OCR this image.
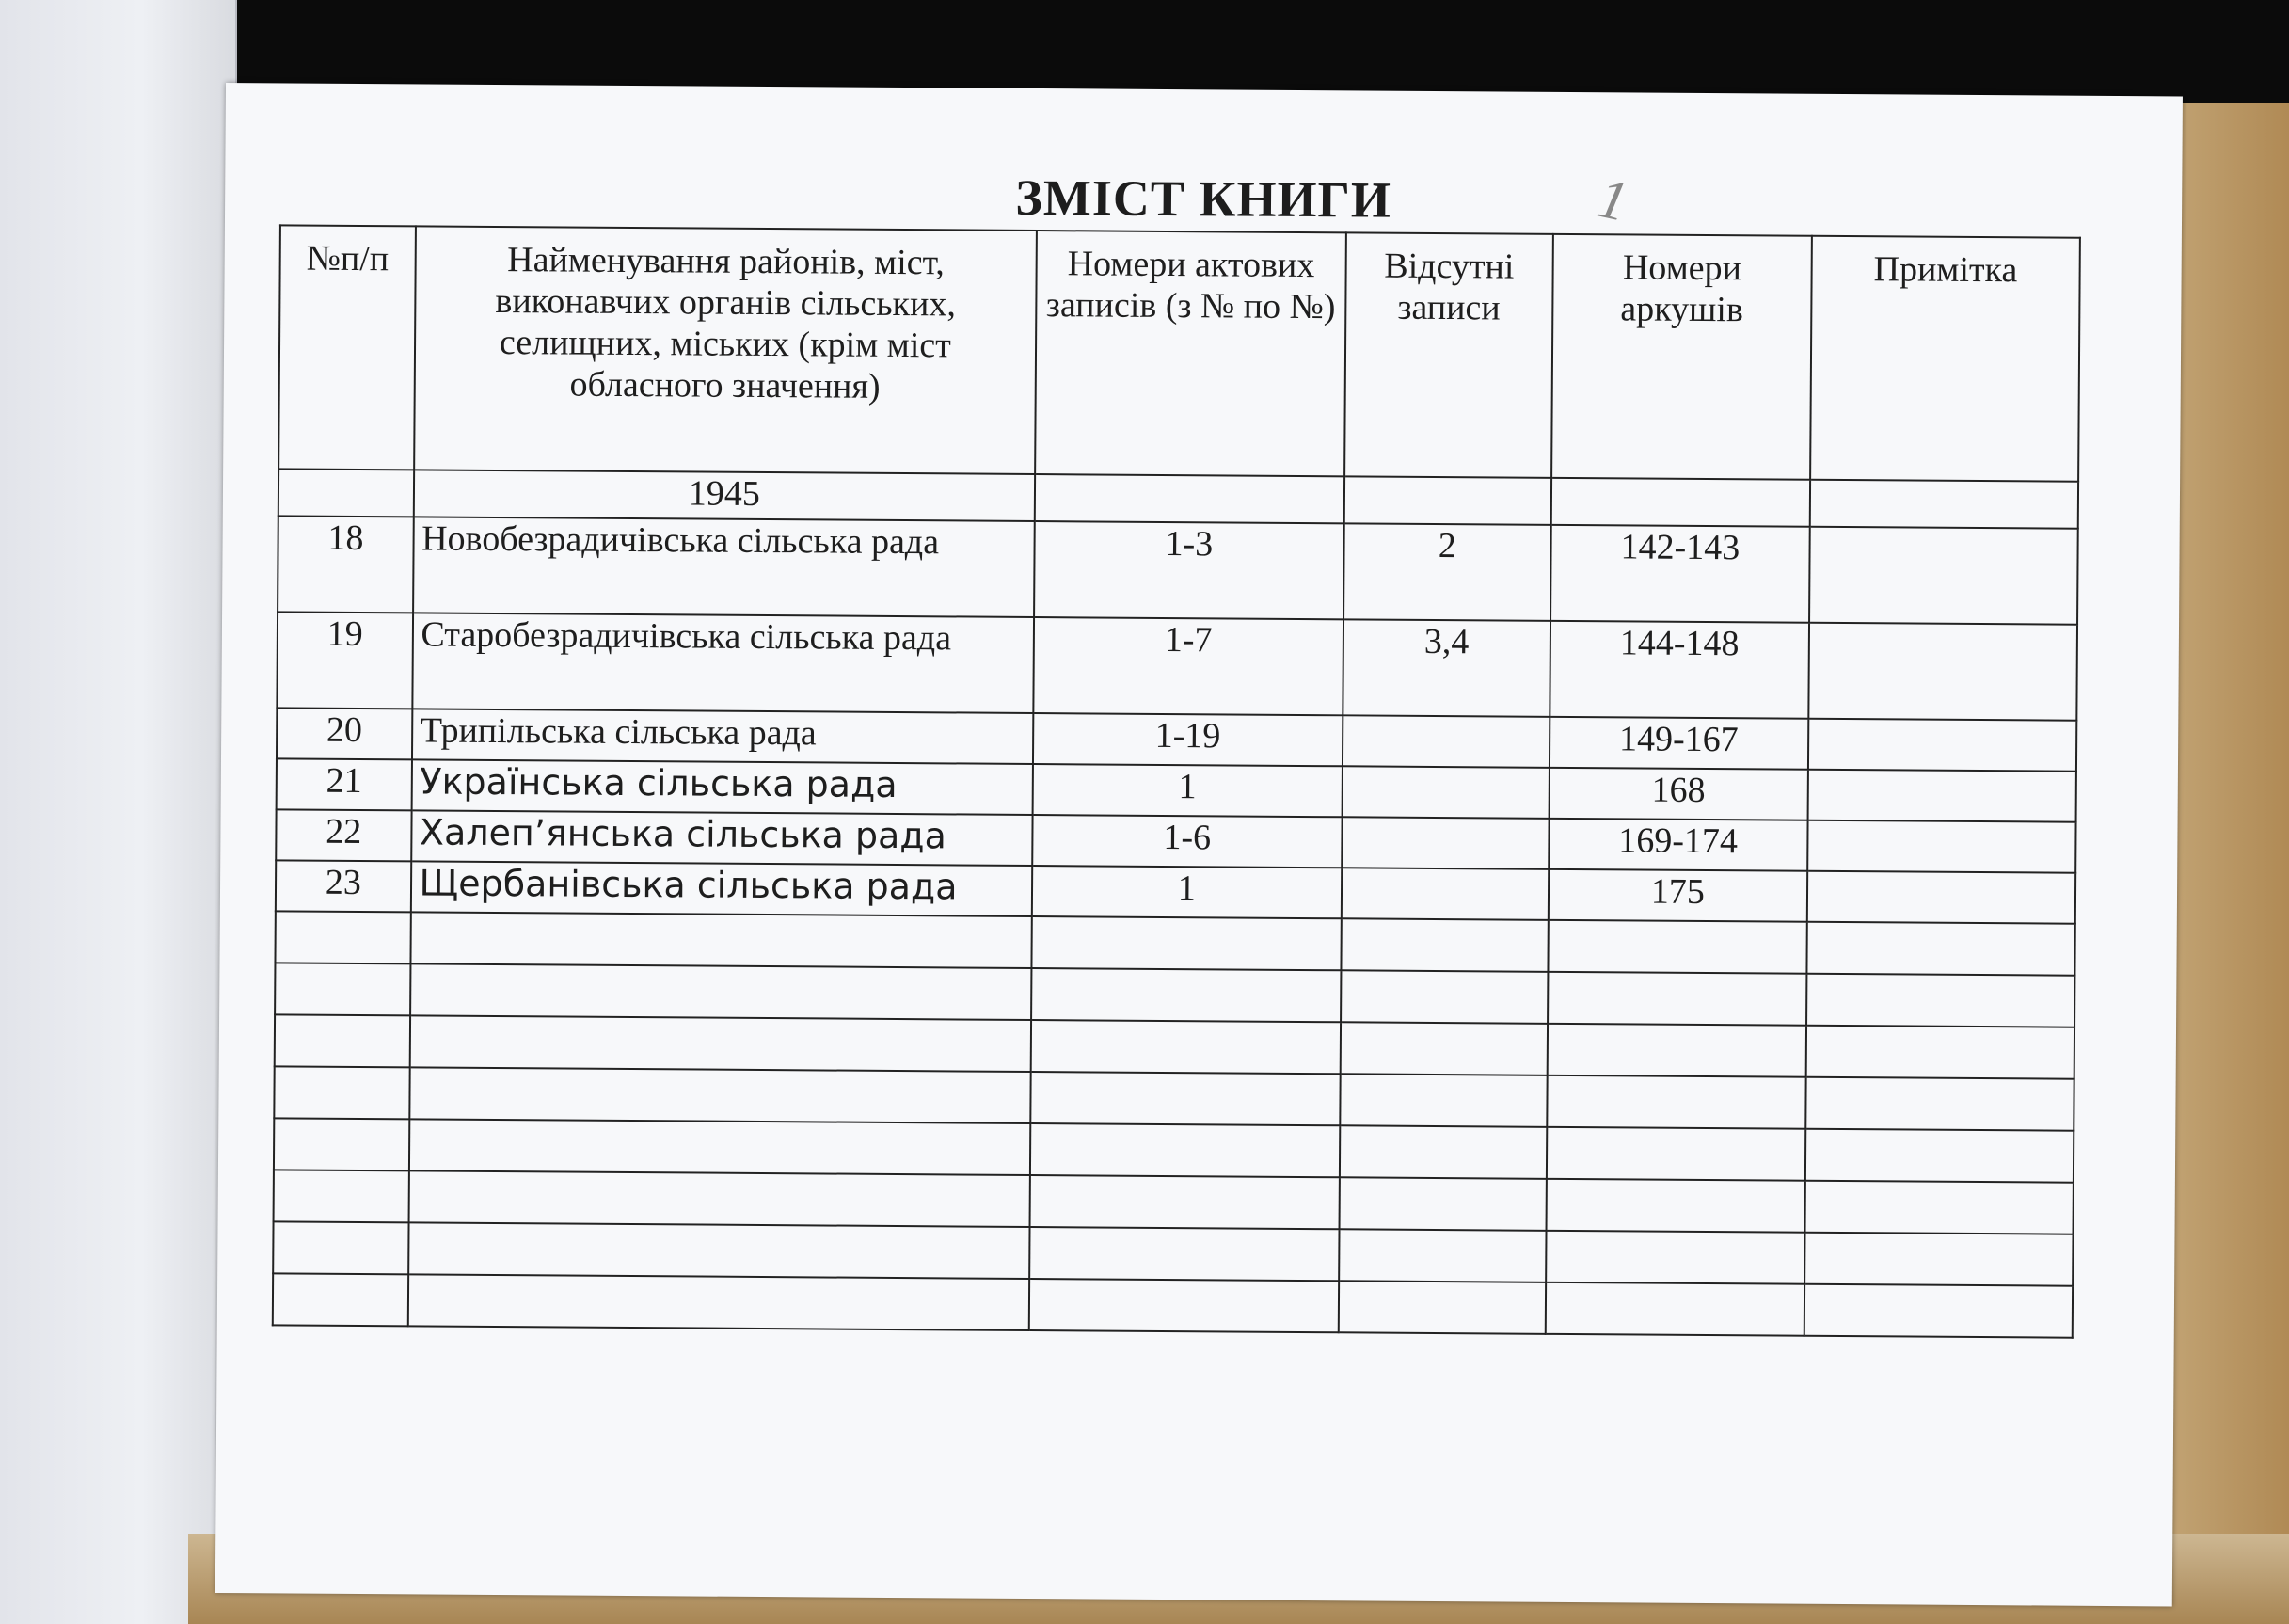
ЗМІСТ КНИГИ	1
№п/п	Найменування районів, міст, виконавчих органів сільських, селищних, міських (крім міст обласного значення)	Номери актових записів (з № по №)	Відсутні записи	Номери аркушів	Примітка
	1945				
18	Новобезрадичівська сільська рада	1-3	2	142-143	
19	Старобезрадичівська сільська рада	1-7	3,4	144-148	
20	Трипільська сільська рада	1-19		149-167	
21	Українська сільська рада	1		168	
22	Халеп’янська сільська рада	1-6		169-174	
23	Щербанівська сільська рада	1		175	
